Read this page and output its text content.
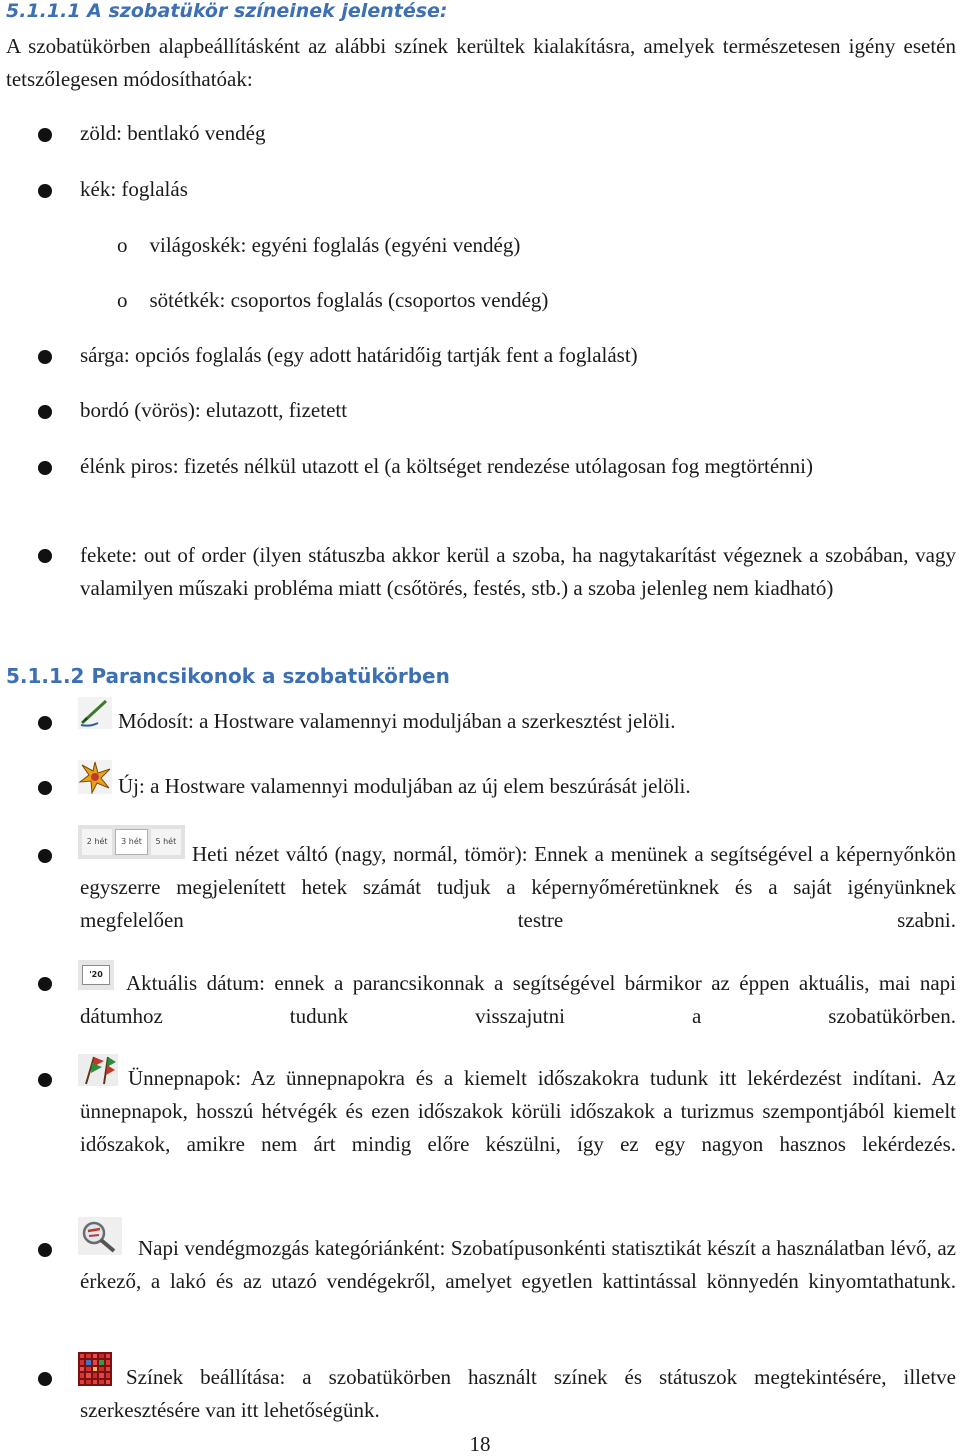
5.1.1.1 A szobatükör színeinek jelentése:

A szobatükörben alapbeállításként az alábbi színek kerültek kialakításra, amelyek természetesen igény esetén tetszőlegesen módosíthatóak:

zöld: bentlakó vendég
kék: foglalás
o világoskék: egyéni foglalás (egyéni vendég)
o sötétkék: csoportos foglalás (csoportos vendég)
sárga: opciós foglalás (egy adott határidőig tartják fent a foglalást)
bordó (vörös): elutazott, fizetett

élénk piros: fizetés nélkül utazott el (a költséget rendezése utólagosan fog megtörténni)

fekete: out of order (ilyen státuszba akkor kerül a szoba, ha nagytakarítást végeznek a szobában, vagy valamilyen műszaki probléma miatt (csőtörés, festés, stb.) a szoba jelenleg nem kiadható)

5.1.1.2 Parancsikonok a szobatükörben

Módosít: a Hostware valamennyi moduljában a szerkesztést jelöli.

Új: a Hostware valamennyi moduljában az új elem beszúrását jelöli.

2 hét	3 hét	5 hét

Heti nézet váltó (nagy, normál, tömör): Ennek a menünek a segítségével a képernyőnkön egyszerre megjelenített hetek számát tudjuk a képernyőméretünknek és a saját igényünknek megfelelően testre szabni.

'20	Aktuális dátum: ennek a parancsikonnak a segítségével bármikor az éppen aktuális, mai napi dátumhoz tudunk visszajutni a szobatükörben.

Ünnepnapok: Az ünnepnapokra és a kiemelt időszakokra tudunk itt lekérdezést indítani. Az ünnepnapok, hosszú hétvégék és ezen időszakok körüli időszakok a turizmus szempontjából kiemelt időszakok, amikre nem árt mindig előre készülni, így ez egy nagyon hasznos lekérdezés.

Napi vendégmozgás kategóriánként: Szobatípusonkénti statisztikát készít a használatban lévő, az érkező, a lakó és az utazó vendégekről, amelyet egyetlen kattintással könnyedén kinyomtathatunk.

Színek beállítása: a szobatükörben használt színek és státuszok megtekintésére, illetve szerkesztésére van itt lehetőségünk.

18
